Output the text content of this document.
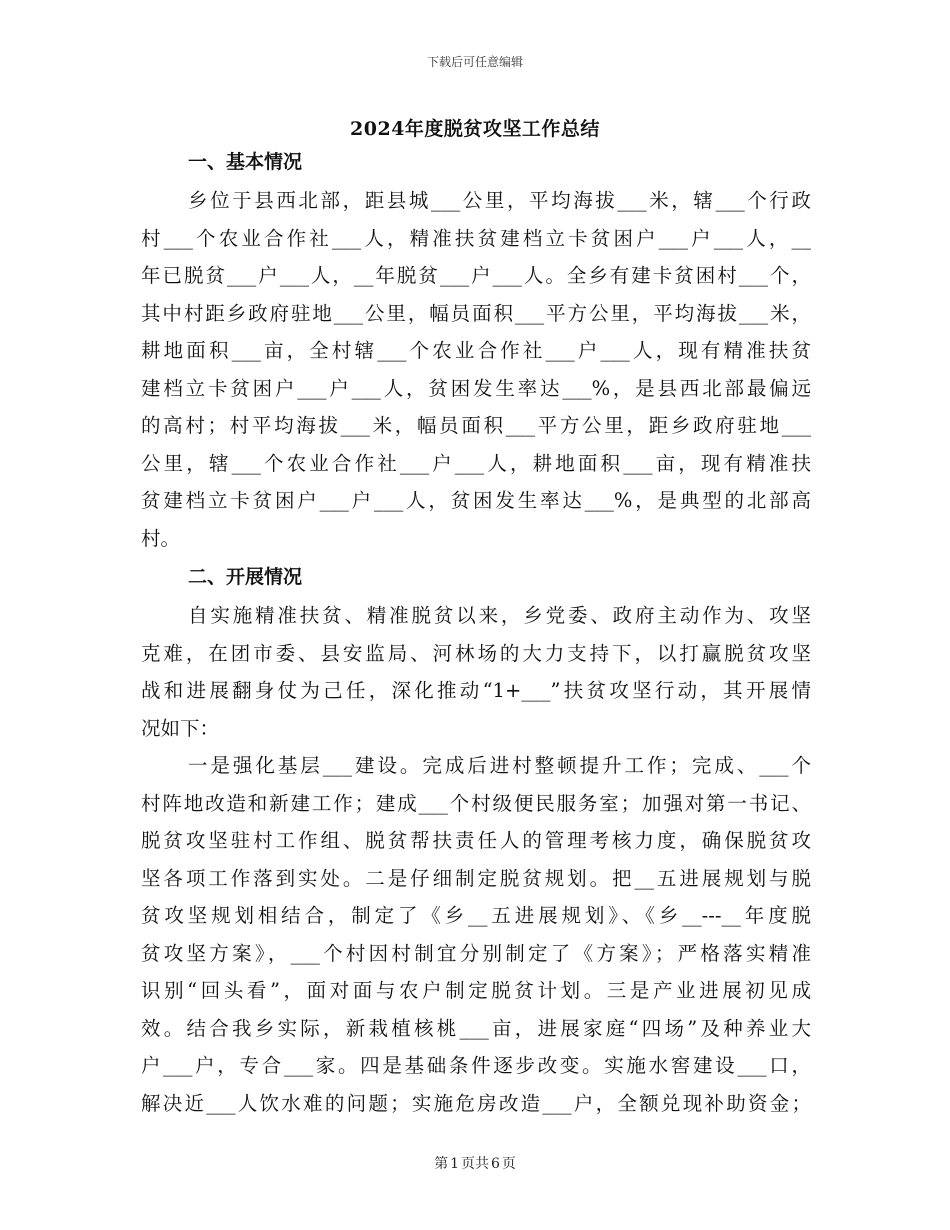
下载后可任意编辑
2024年度脱贫攻坚工作总结
一、基本情况
乡位于县西北部，距县城___公里，平均海拔___米，辖___个行政
村___个农业合作社___人，精准扶贫建档立卡贫困户___户___人，__
年已脱贫___户___人，__年脱贫___户___人。全乡有建卡贫困村___个，
其中村距乡政府驻地___公里，幅员面积___平方公里，平均海拔___米，
耕地面积___亩，全村辖___个农业合作社___户___人，现有精准扶贫
建档立卡贫困户___户___人，贫困发生率达___%，是县西北部最偏远
的高村；村平均海拔___米，幅员面积___平方公里，距乡政府驻地___
公里，辖___个农业合作社___户___人，耕地面积___亩，现有精准扶
贫建档立卡贫困户___户___人，贫困发生率达___%，是典型的北部高
村。
二、开展情况
自实施精准扶贫、精准脱贫以来，乡党委、政府主动作为、攻坚
克难，在团市委、县安监局、河林场的大力支持下，以打赢脱贫攻坚
战和进展翻身仗为己任，深化推动“1+___”扶贫攻坚行动，其开展情
况如下：
一是强化基层___建设。完成后进村整顿提升工作；完成、___个
村阵地改造和新建工作；建成___个村级便民服务室；加强对第一书记、
脱贫攻坚驻村工作组、脱贫帮扶责任人的管理考核力度，确保脱贫攻
坚各项工作落到实处。二是仔细制定脱贫规划。把__五进展规划与脱
贫攻坚规划相结合，制定了《乡__五进展规划》、《乡__---__年度脱
贫攻坚方案》，___个村因村制宜分别制定了《方案》；严格落实精准
识别“回头看”，面对面与农户制定脱贫计划。三是产业进展初见成
效。结合我乡实际，新栽植核桃___亩，进展家庭“四场”及种养业大
户___户，专合___家。四是基础条件逐步改变。实施水窖建设___口，
解决近___人饮水难的问题；实施危房改造___户，全额兑现补助资金；
第 1 页共 6 页
